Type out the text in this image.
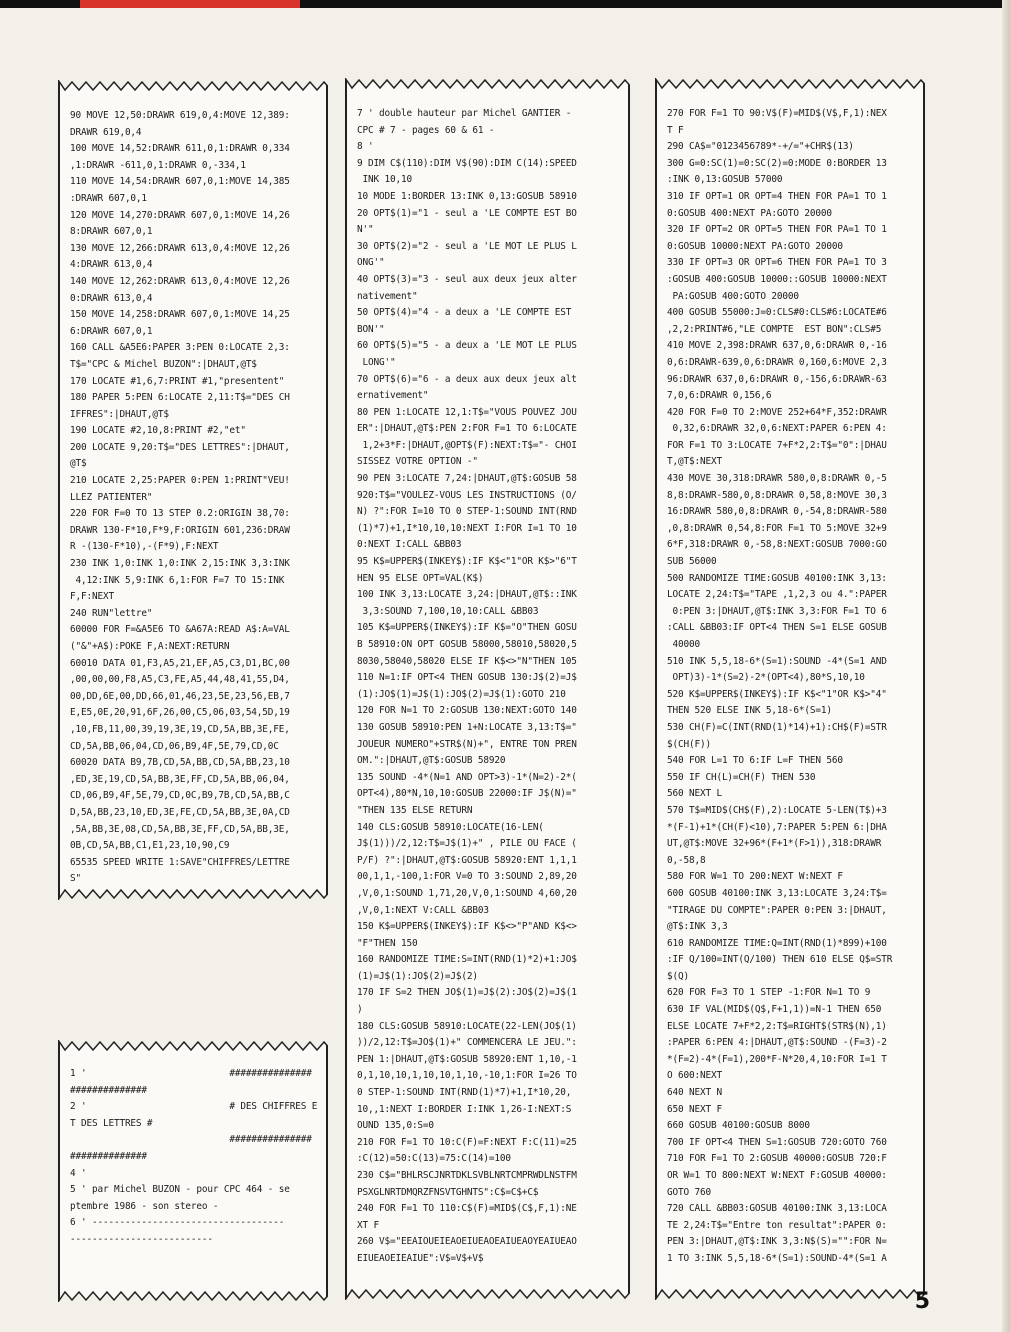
90 MOVE 12,50:DRAWR 619,0,4:MOVE 12,389:
DRAWR 619,0,4
100 MOVE 14,52:DRAWR 611,0,1:DRAWR 0,334
,1:DRAWR -611,0,1:DRAWR 0,-334,1
110 MOVE 14,54:DRAWR 607,0,1:MOVE 14,385
:DRAWR 607,0,1
120 MOVE 14,270:DRAWR 607,0,1:MOVE 14,26
8:DRAWR 607,0,1
130 MOVE 12,266:DRAWR 613,0,4:MOVE 12,26
4:DRAWR 613,0,4
140 MOVE 12,262:DRAWR 613,0,4:MOVE 12,26
0:DRAWR 613,0,4
150 MOVE 14,258:DRAWR 607,0,1:MOVE 14,25
6:DRAWR 607,0,1
160 CALL &A5E6:PAPER 3:PEN 0:LOCATE 2,3:
T$="CPC & Michel BUZON":|DHAUT,@T$
170 LOCATE #1,6,7:PRINT #1,"presentent"
180 PAPER 5:PEN 6:LOCATE 2,11:T$="DES CH
IFFRES":|DHAUT,@T$
190 LOCATE #2,10,8:PRINT #2,"et"
200 LOCATE 9,20:T$="DES LETTRES":|DHAUT,
@T$
210 LOCATE 2,25:PAPER 0:PEN 1:PRINT"VEU!
LLEZ PATIENTER"
220 FOR F=0 TO 13 STEP 0.2:ORIGIN 38,70:
DRAWR 130-F*10,F*9,F:ORIGIN 601,236:DRAW
R -(130-F*10),-(F*9),F:NEXT
230 INK 1,0:INK 1,0:INK 2,15:INK 3,3:INK
4,12:INK 5,9:INK 6,1:FOR F=7 TO 15:INK
F,F:NEXT
240 RUN"lettre"
60000 FOR F=&A5E6 TO &A67A:READ A$:A=VAL
("&"+A$):POKE F,A:NEXT:RETURN
60010 DATA 01,F3,A5,21,EF,A5,C3,D1,BC,00
,00,00,00,F8,A5,C3,FE,A5,44,48,41,55,D4,
00,DD,6E,00,DD,66,01,46,23,5E,23,56,EB,7
E,E5,0E,20,91,6F,26,00,C5,06,03,54,5D,19
,10,FB,11,00,39,19,3E,19,CD,5A,BB,3E,FE,
CD,5A,BB,06,04,CD,06,B9,4F,5E,79,CD,0C
60020 DATA B9,7B,CD,5A,BB,CD,5A,BB,23,10
,ED,3E,19,CD,5A,BB,3E,FF,CD,5A,BB,06,04,
CD,06,B9,4F,5E,79,CD,0C,B9,7B,CD,5A,BB,C
D,5A,BB,23,10,ED,3E,FE,CD,5A,BB,3E,0A,CD
,5A,BB,3E,08,CD,5A,BB,3E,FF,CD,5A,BB,3E,
0B,CD,5A,BB,C1,E1,23,10,90,C9
65535 SPEED WRITE 1:SAVE"CHIFFRES/LETTRE
S"

1 '                          ###############
##############
2 '                          # DES CHIFFRES E
T DES LETTRES #
###############
##############
4 '
5 ' par Michel BUZON - pour CPC 464 - se
ptembre 1986 - son stereo -
6 ' -----------------------------------
--------------------------

7 ' double hauteur par Michel GANTIER -
CPC # 7 - pages 60 & 61 -
8 '
9 DIM C$(110):DIM V$(90):DIM C(14):SPEED
INK 10,10
10 MODE 1:BORDER 13:INK 0,13:GOSUB 58910
20 OPT$(1)="1 - seul a 'LE COMPTE EST BO
N'"
30 OPT$(2)="2 - seul a 'LE MOT LE PLUS L
ONG'"
40 OPT$(3)="3 - seul aux deux jeux alter
nativement"
50 OPT$(4)="4 - a deux a 'LE COMPTE EST
BON'"
60 OPT$(5)="5 - a deux a 'LE MOT LE PLUS
LONG'"
70 OPT$(6)="6 - a deux aux deux jeux alt
ernativement"
80 PEN 1:LOCATE 12,1:T$="VOUS POUVEZ JOU
ER":|DHAUT,@T$:PEN 2:FOR F=1 TO 6:LOCATE
1,2+3*F:|DHAUT,@OPT$(F):NEXT:T$="- CHOI
SISSEZ VOTRE OPTION -"
90 PEN 3:LOCATE 7,24:|DHAUT,@T$:GOSUB 58
920:T$="VOULEZ-VOUS LES INSTRUCTIONS (O/
N) ?":FOR I=10 TO 0 STEP-1:SOUND INT(RND
(1)*7)+1,I*10,10,10:NEXT I:FOR I=1 TO 10
0:NEXT I:CALL &BB03
95 K$=UPPER$(INKEY$):IF K$<"1"OR K$>"6"T
HEN 95 ELSE OPT=VAL(K$)
100 INK 3,13:LOCATE 3,24:|DHAUT,@T$::INK
3,3:SOUND 7,100,10,10:CALL &BB03
105 K$=UPPER$(INKEY$):IF K$="O"THEN GOSU
B 58910:ON OPT GOSUB 58000,58010,58020,5
8030,58040,58020 ELSE IF K$<>"N"THEN 105
110 N=1:IF OPT<4 THEN GOSUB 130:J$(2)=J$
(1):JO$(1)=J$(1):JO$(2)=J$(1):GOTO 210
120 FOR N=1 TO 2:GOSUB 130:NEXT:GOTO 140
130 GOSUB 58910:PEN 1+N:LOCATE 3,13:T$="
JOUEUR NUMERO"+STR$(N)+", ENTRE TON PREN
OM.":|DHAUT,@T$:GOSUB 58920
135 SOUND -4*(N=1 AND OPT>3)-1*(N=2)-2*(
OPT<4),80*N,10,10:GOSUB 22000:IF J$(N)="
"THEN 135 ELSE RETURN
140 CLS:GOSUB 58910:LOCATE(16-LEN(
J$(1)))/2,12:T$=J$(1)+" , PILE OU FACE (
P/F) ?":|DHAUT,@T$:GOSUB 58920:ENT 1,1,1
00,1,1,-100,1:FOR V=0 TO 3:SOUND 2,89,20
,V,0,1:SOUND 1,71,20,V,0,1:SOUND 4,60,20
,V,0,1:NEXT V:CALL &BB03
150 K$=UPPER$(INKEY$):IF K$<>"P"AND K$<>
"F"THEN 150
160 RANDOMIZE TIME:S=INT(RND(1)*2)+1:JO$
(1)=J$(1):JO$(2)=J$(2)
170 IF S=2 THEN JO$(1)=J$(2):JO$(2)=J$(1
)
180 CLS:GOSUB 58910:LOCATE(22-LEN(JO$(1)
))/2,12:T$=JO$(1)+" COMMENCERA LE JEU.":
PEN 1:|DHAUT,@T$:GOSUB 58920:ENT 1,10,-1
0,1,10,10,1,10,10,1,10,-10,1:FOR I=26 TO
0 STEP-1:SOUND INT(RND(1)*7)+1,I*10,20,
10,,1:NEXT I:BORDER I:INK 1,26-I:NEXT:S
OUND 135,0:S=0
210 FOR F=1 TO 10:C(F)=F:NEXT F:C(11)=25
:C(12)=50:C(13)=75:C(14)=100
230 C$="BHLRSCJNRTDKLSVBLNRTCMPRWDLNSTFM
PSXGLNRTDMQRZFNSVTGHNTS":C$=C$+C$
240 FOR F=1 TO 110:C$(F)=MID$(C$,F,1):NE
XT F
260 V$="EEAIOUEIEAOEIUEAOEAIUEAOYEAIUEAO
EIUEAOEIEAIUE":V$=V$+V$

270 FOR F=1 TO 90:V$(F)=MID$(V$,F,1):NEX
T F
290 CA$="0123456789*-+/="+CHR$(13)
300 G=0:SC(1)=0:SC(2)=0:MODE 0:BORDER 13
:INK 0,13:GOSUB 57000
310 IF OPT=1 OR OPT=4 THEN FOR PA=1 TO 1
0:GOSUB 400:NEXT PA:GOTO 20000
320 IF OPT=2 OR OPT=5 THEN FOR PA=1 TO 1
0:GOSUB 10000:NEXT PA:GOTO 20000
330 IF OPT=3 OR OPT=6 THEN FOR PA=1 TO 3
:GOSUB 400:GOSUB 10000::GOSUB 10000:NEXT
PA:GOSUB 400:GOTO 20000
400 GOSUB 55000:J=0:CLS#0:CLS#6:LOCATE#6
,2,2:PRINT#6,"LE COMPTE  EST BON":CLS#5
410 MOVE 2,398:DRAWR 637,0,6:DRAWR 0,-16
0,6:DRAWR-639,0,6:DRAWR 0,160,6:MOVE 2,3
96:DRAWR 637,0,6:DRAWR 0,-156,6:DRAWR-63
7,0,6:DRAWR 0,156,6
420 FOR F=0 TO 2:MOVE 252+64*F,352:DRAWR
0,32,6:DRAWR 32,0,6:NEXT:PAPER 6:PEN 4:
FOR F=1 TO 3:LOCATE 7+F*2,2:T$="0":|DHAU
T,@T$:NEXT
430 MOVE 30,318:DRAWR 580,0,8:DRAWR 0,-5
8,8:DRAWR-580,0,8:DRAWR 0,58,8:MOVE 30,3
16:DRAWR 580,0,8:DRAWR 0,-54,8:DRAWR-580
,0,8:DRAWR 0,54,8:FOR F=1 TO 5:MOVE 32+9
6*F,318:DRAWR 0,-58,8:NEXT:GOSUB 7000:GO
SUB 56000
500 RANDOMIZE TIME:GOSUB 40100:INK 3,13:
LOCATE 2,24:T$="TAPE ,1,2,3 ou 4.":PAPER
0:PEN 3:|DHAUT,@T$:INK 3,3:FOR F=1 TO 6
:CALL &BB03:IF OPT<4 THEN S=1 ELSE GOSUB
40000
510 INK 5,5,18-6*(S=1):SOUND -4*(S=1 AND
OPT)3)-1*(S=2)-2*(OPT<4),80*S,10,10
520 K$=UPPER$(INKEY$):IF K$<"1"OR K$>"4"
THEN 520 ELSE INK 5,18-6*(S=1)
530 CH(F)=C(INT(RND(1)*14)+1):CH$(F)=STR
$(CH(F))
540 FOR L=1 TO 6:IF L=F THEN 560
550 IF CH(L)=CH(F) THEN 530
560 NEXT L
570 T$=MID$(CH$(F),2):LOCATE 5-LEN(T$)+3
*(F-1)+1*(CH(F)<10),7:PAPER 5:PEN 6:|DHA
UT,@T$:MOVE 32+96*(F+1*(F>1)),318:DRAWR
0,-58,8
580 FOR W=1 TO 200:NEXT W:NEXT F
600 GOSUB 40100:INK 3,13:LOCATE 3,24:T$=
"TIRAGE DU COMPTE":PAPER 0:PEN 3:|DHAUT,
@T$:INK 3,3
610 RANDOMIZE TIME:Q=INT(RND(1)*899)+100
:IF Q/100=INT(Q/100) THEN 610 ELSE Q$=STR
$(Q)
620 FOR F=3 TO 1 STEP -1:FOR N=1 TO 9
630 IF VAL(MID$(Q$,F+1,1))=N-1 THEN 650
ELSE LOCATE 7+F*2,2:T$=RIGHT$(STR$(N),1)
:PAPER 6:PEN 4:|DHAUT,@T$:SOUND -(F=3)-2
*(F=2)-4*(F=1),200*F-N*20,4,10:FOR I=1 T
O 600:NEXT
640 NEXT N
650 NEXT F
660 GOSUB 40100:GOSUB 8000
700 IF OPT<4 THEN S=1:GOSUB 720:GOTO 760
710 FOR F=1 TO 2:GOSUB 40000:GOSUB 720:F
OR W=1 TO 800:NEXT W:NEXT F:GOSUB 40000:
GOTO 760
720 CALL &BB03:GOSUB 40100:INK 3,13:LOCA
TE 2,24:T$="Entre ton resultat":PAPER 0:
PEN 3:|DHAUT,@T$:INK 3,3:N$(S)="":FOR N=
1 TO 3:INK 5,5,18-6*(S=1):SOUND-4*(S=1 A

5
